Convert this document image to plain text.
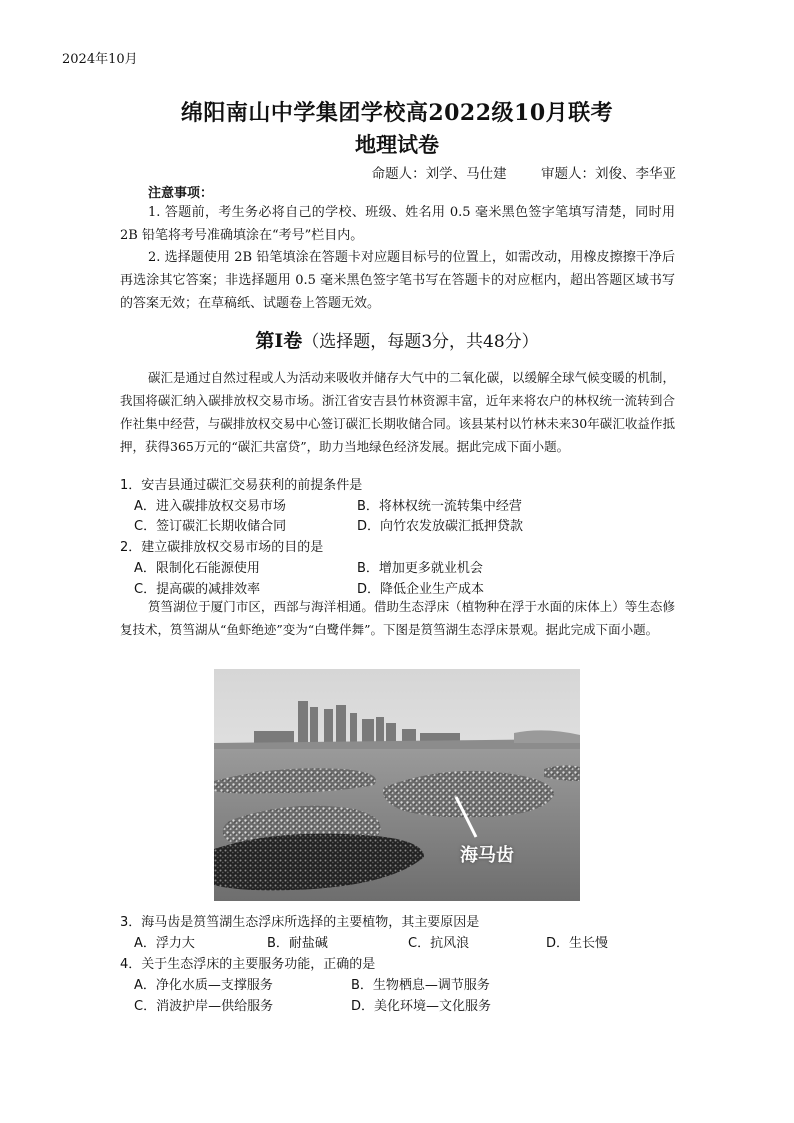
2024年10月
绵阳南山中学集团学校高2022级10月联考
地理试卷
命题人：刘学、马仕建        审题人：刘俊、李华亚
注意事项：
1. 答题前，考生务必将自己的学校、班级、姓名用 0.5 毫米黑色签字笔填写清楚，同时用 2B 铅笔将考号准确填涂在“考号”栏目内。
2. 选择题使用 2B 铅笔填涂在答题卡对应题目标号的位置上，如需改动，用橡皮擦擦干净后再选涂其它答案；非选择题用 0.5 毫米黑色签字笔书写在答题卡的对应框内，超出答题区域书写的答案无效；在草稿纸、试题卷上答题无效。
第Ⅰ卷（选择题，每题3分，共48分）
碳汇是通过自然过程或人为活动来吸收并储存大气中的二氧化碳，以缓解全球气候变暖的机制，我国将碳汇纳入碳排放权交易市场。浙江省安吉县竹林资源丰富，近年来将农户的林权统一流转到合作社集中经营，与碳排放权交易中心签订碳汇长期收储合同。该县某村以竹林未来30年碳汇收益作抵押，获得365万元的“碳汇共富贷”，助力当地绿色经济发展。据此完成下面小题。
1．安吉县通过碳汇交易获利的前提条件是
A．进入碳排放权交易市场	B．将林权统一流转集中经营
C．签订碳汇长期收储合同	D．向竹农发放碳汇抵押贷款
2．建立碳排放权交易市场的目的是
A．限制化石能源使用	B．增加更多就业机会
C．提高碳的减排效率	D．降低企业生产成本
筼筜湖位于厦门市区，西部与海洋相通。借助生态浮床（植物种在浮于水面的床体上）等生态修复技术，筼筜湖从“鱼虾绝迹”变为“白鹭伴舞”。下图是筼筜湖生态浮床景观。据此完成下面小题。
海马齿
3．海马齿是筼筜湖生态浮床所选择的主要植物，其主要原因是
A．浮力大	B．耐盐碱	C．抗风浪	D．生长慢
4．关于生态浮床的主要服务功能，正确的是
A．净化水质—支撑服务	B．生物栖息—调节服务
C．消波护岸—供给服务	D．美化环境—文化服务
